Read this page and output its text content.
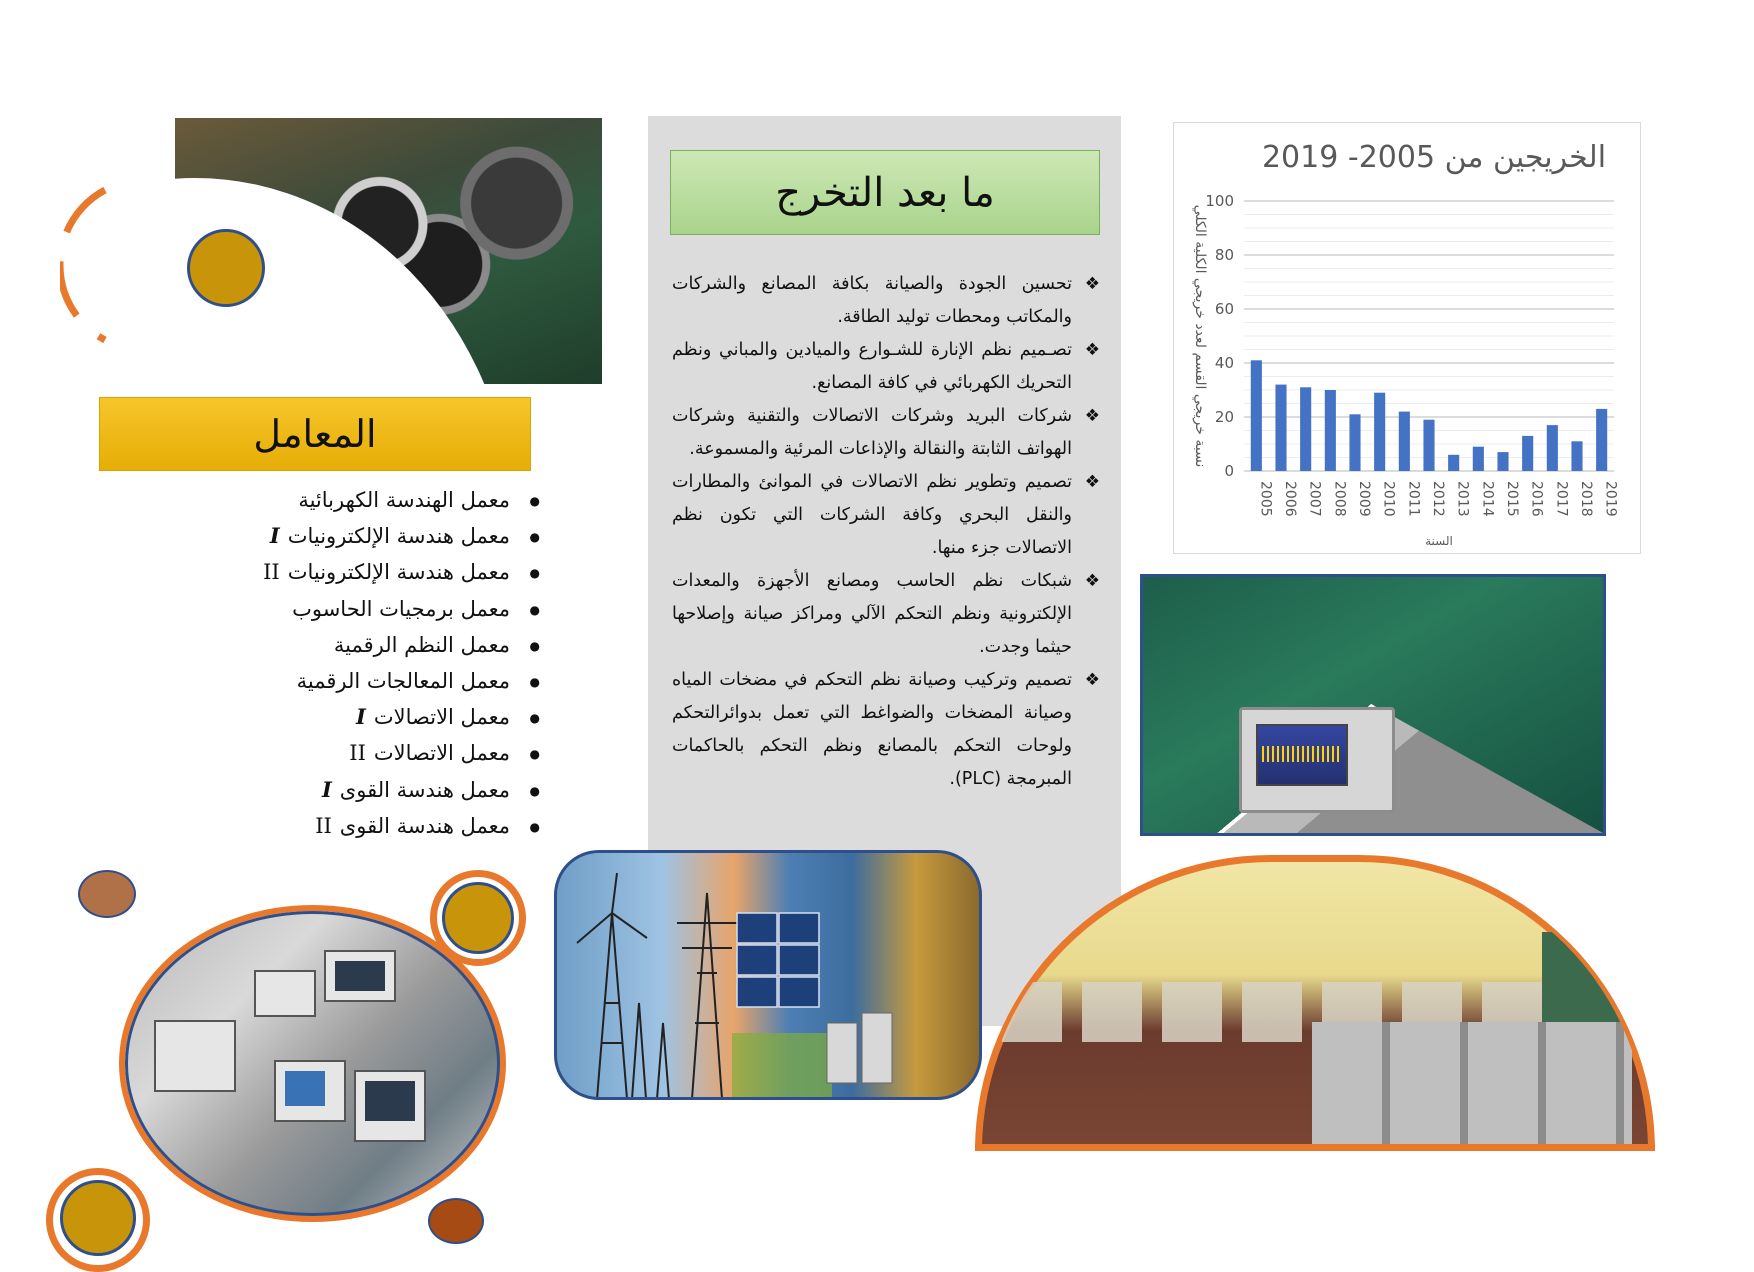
المعامل
● معمل الهندسة الكهربائية
● معمل هندسة الإلكترونياتI
● معمل هندسة الإلكترونياتII
● معمل برمجيات الحاسوب
● معمل النظم الرقمية
● معمل المعالجات الرقمية
● معمل الاتصالاتI
● معمل الاتصالاتII
● معمل هندسة القوىI
● معمل هندسة القوىII
ما بعد التخرج
❖ تحسين الجودة والصيانة بكافة المصانع والشركات والمكاتب ومحطات توليد الطاقة.
❖ تصـميم نظم الإنارة للشـوارع والميادين والمباني ونظم التحريك الكهربائي في كافة المصانع.
❖ شركات البريد وشركات الاتصالات والتقنية وشركات الهواتف الثابتة والنقالة والإذاعات المرئية والمسموعة.
❖ تصميم وتطوير نظم الاتصالات في الموانئ والمطارات والنقل البحري وكافة الشركات التي تكون نظم الاتصالات جزء منها.
❖ شبكات نظم الحاسب ومصانع الأجهزة والمعدات الإلكترونية ونظم التحكم الآلي ومراكز صيانة وإصلاحها حيثما وجدت.
❖ تصميم وتركيب وصيانة نظم التحكم في مضخات المياه وصيانة المضخات والضواغط التي تعمل بدوائرالتحكم ولوحات التحكم بالمصانع ونظم التحكم بالحاكمات المبرمجة (PLC).
الخريجين من 2005- 2019
0
20
40
60
80
100
2005 2006 2007 2008 2009 2010 2011 2012 2013 2014 2015 2016 2017 2018 2019
السنة
نسبة خريجي القسم لعدد خريجي الكلية الكلي
